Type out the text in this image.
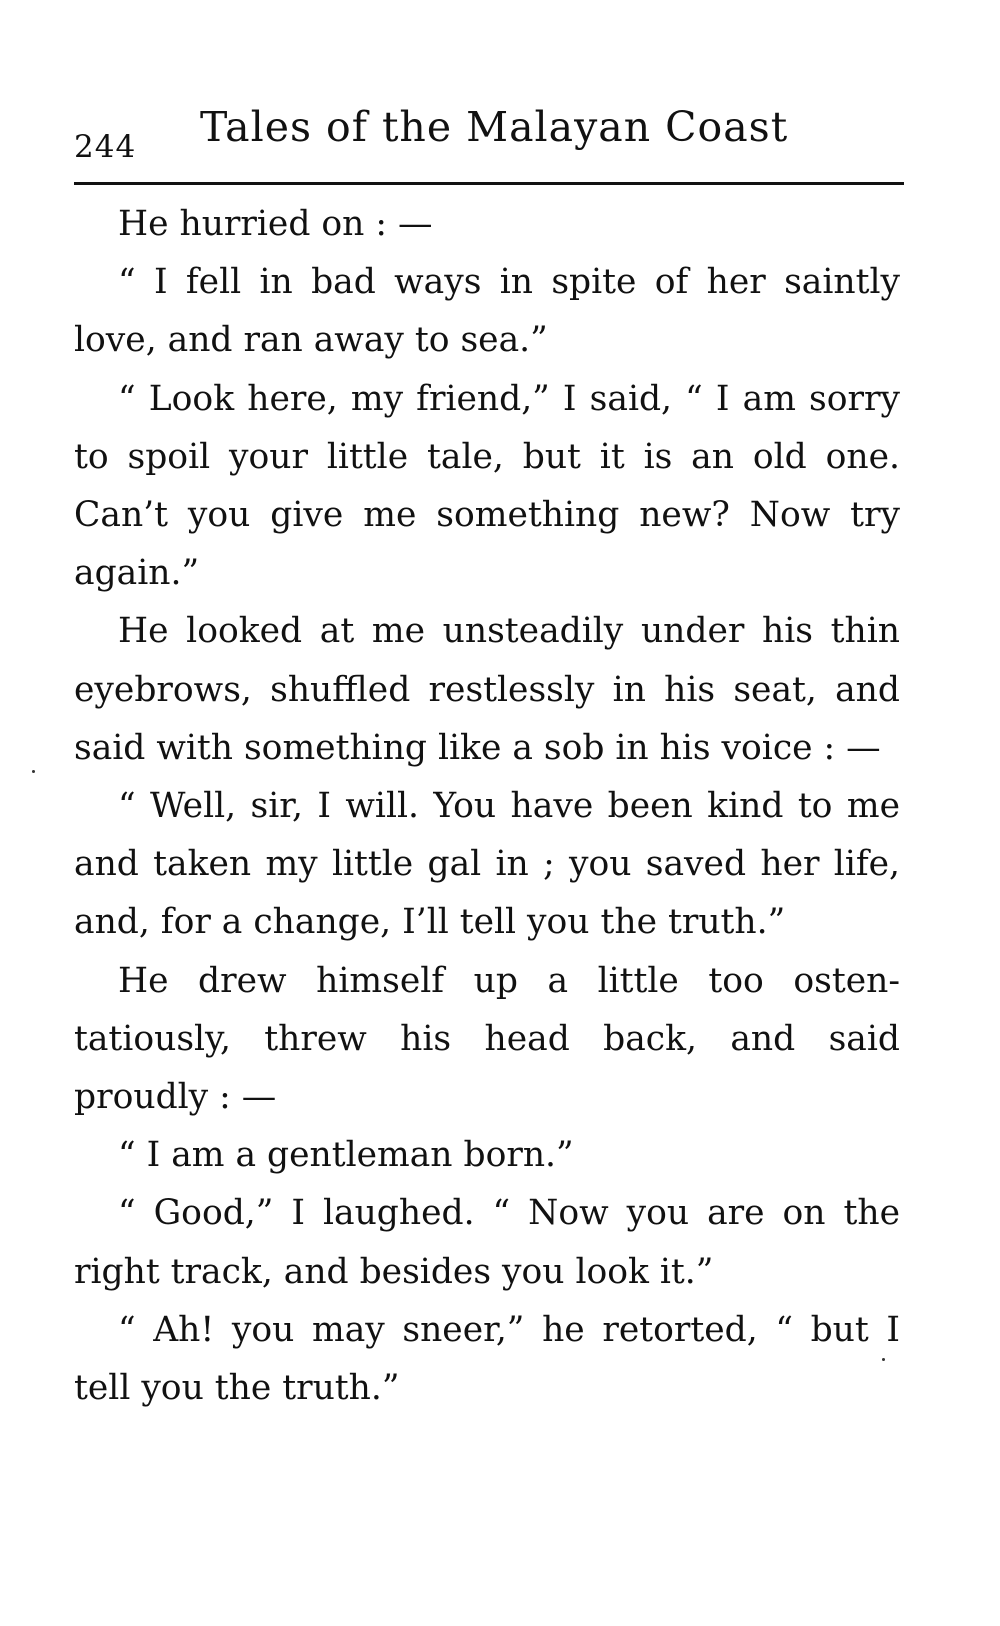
244 Tales of the Malayan Coast

He hurried on : —

“ I fell in bad ways in spite of her saintly love, and ran away to sea.”

“ Look here, my friend,” I said, “ I am sorry to spoil your little tale, but it is an old one. Can’t you give me something new? Now try again.”

He looked at me unsteadily under his thin eyebrows, shuffled restlessly in his seat, and said with something like a sob in his voice : —

“ Well, sir, I will. You have been kind to me and taken my little gal in ; you saved her life, and, for a change, I’ll tell you the truth.”

He drew himself up a little too ostentatiously, threw his head back, and said proudly : —

“ I am a gentleman born.”

“ Good,” I laughed. “ Now you are on the right track, and besides you look it.”

“ Ah! you may sneer,” he retorted, “ but I tell you the truth.”
